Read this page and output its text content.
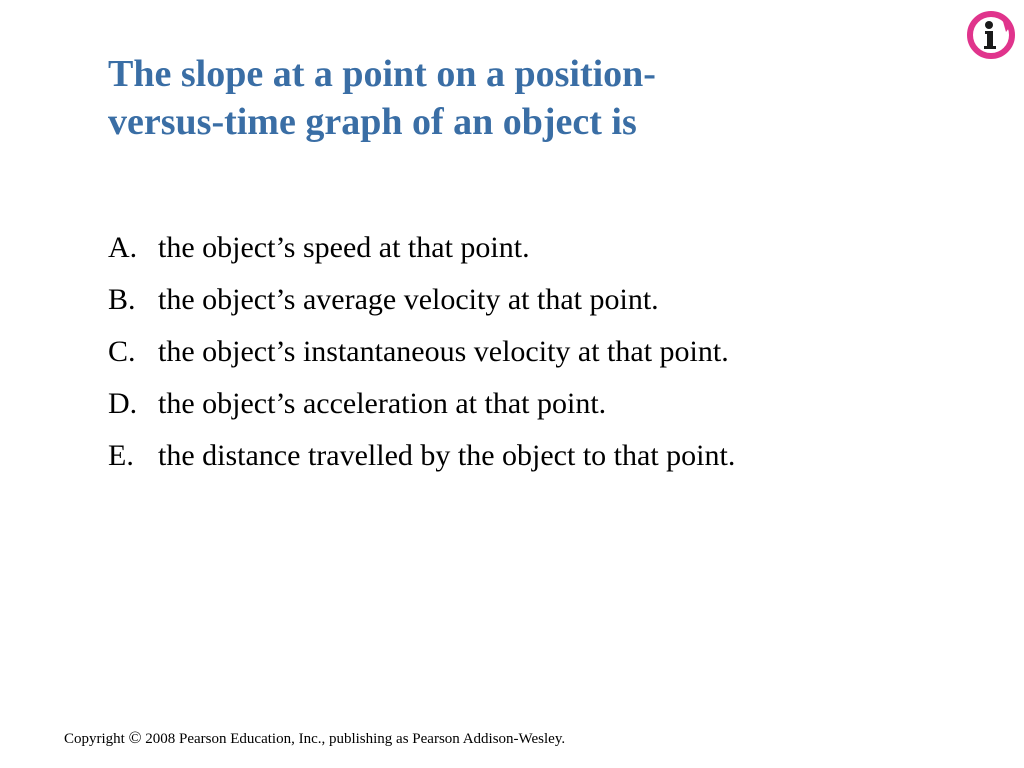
The slope at a point on a position-
versus-time graph of an object is
A. the object’s speed at that point.
B. the object’s average velocity at that point.
C. the object’s instantaneous velocity at that point.
D. the object’s acceleration at that point.
E. the distance travelled by the object to that point.
Copyright © 2008 Pearson Education, Inc., publishing as Pearson Addison-Wesley.
